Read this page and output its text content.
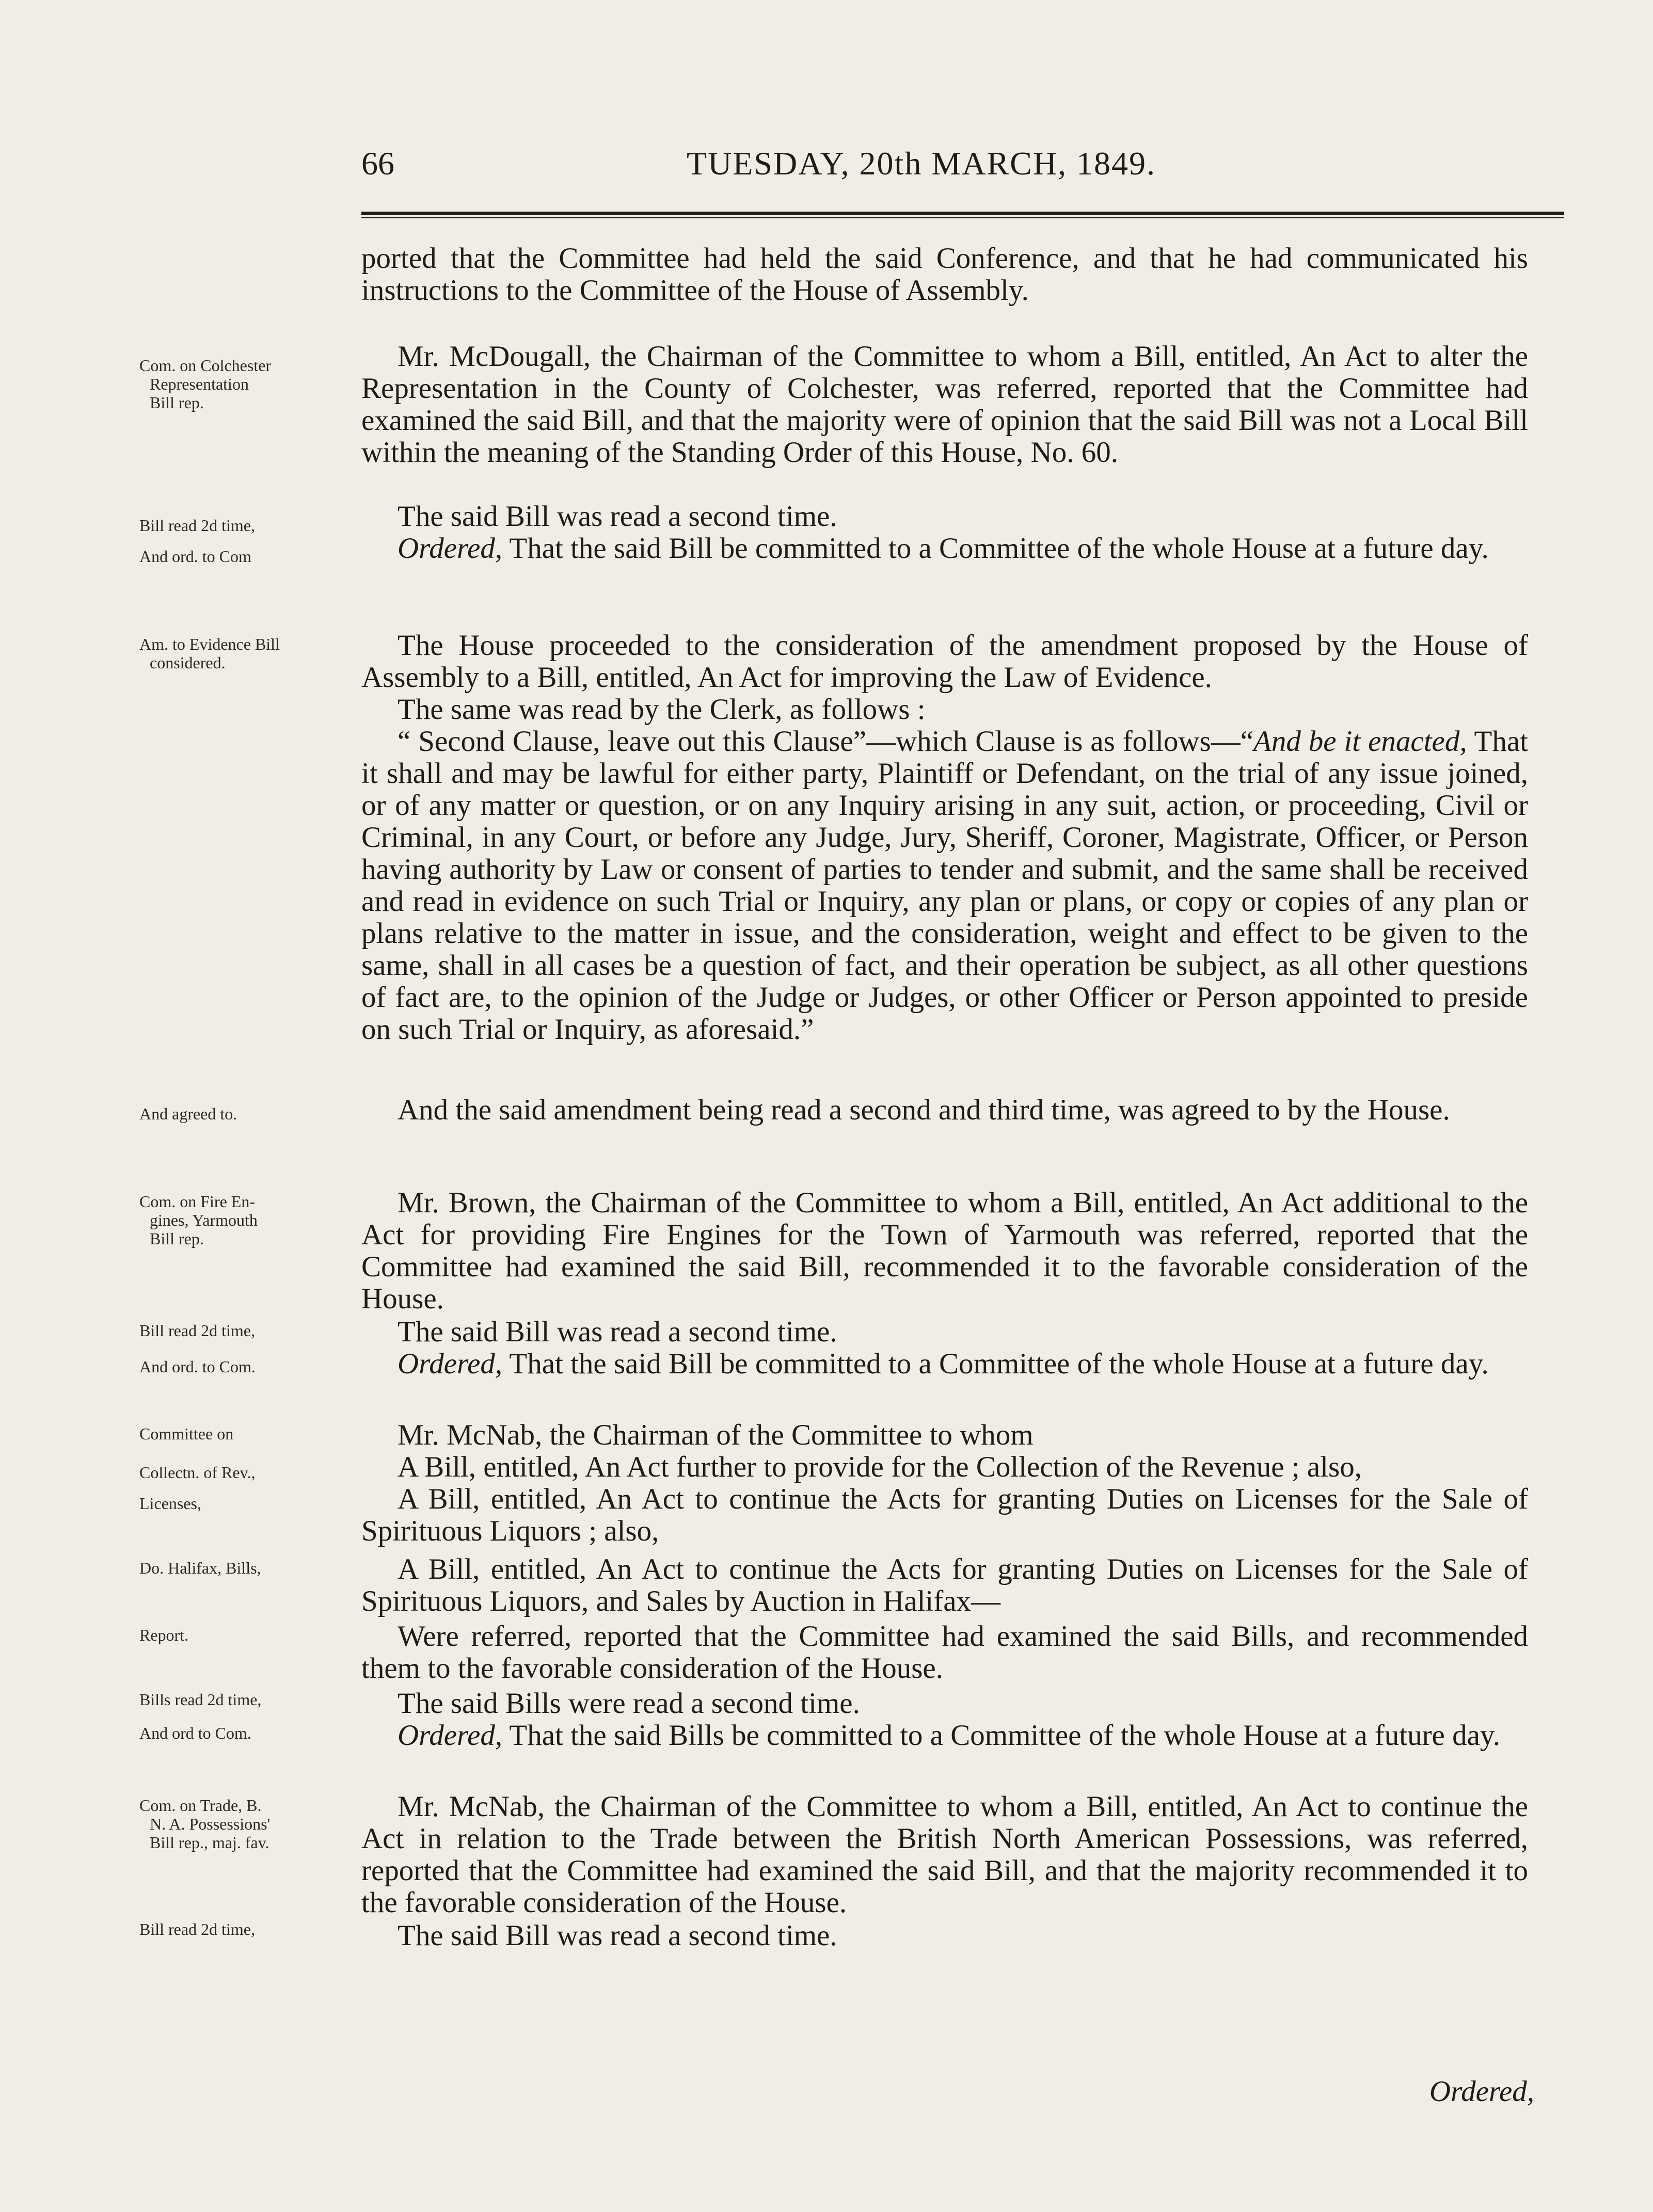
66	TUESDAY, 20th MARCH, 1849.
Com. on Colchester
Representation
Bill rep.
Bill read 2d time,
And ord. to Com
Am. to Evidence Bill
considered.
And agreed to.
Com. on Fire En-
gines, Yarmouth
Bill rep.
Bill read 2d time,
And ord. to Com.
Committee on
Collectn. of Rev.,
Licenses,
Do. Halifax, Bills,
Report.
Bills read 2d time,
And ord to Com.
Com. on Trade, B.
N. A. Possessions'
Bill rep., maj. fav.
Bill read 2d time,

ported that the Committee had held the said Conference, and that he had communicated his instructions to the Committee of the House of Assembly.

Mr. McDougall, the Chairman of the Committee to whom a Bill, entitled, An Act to alter the Representation in the County of Colchester, was referred, reported that the Committee had examined the said Bill, and that the majority were of opinion that the said Bill was not a Local Bill within the meaning of the Standing Order of this House, No. 60.

The said Bill was read a second time.

Ordered, That the said Bill be committed to a Committee of the whole House at a future day.

The House proceeded to the consideration of the amendment proposed by the House of Assembly to a Bill, entitled, An Act for improving the Law of Evidence.

The same was read by the Clerk, as follows :

“ Second Clause, leave out this Clause”—which Clause is as follows—“And be it enacted, That it shall and may be lawful for either party, Plaintiff or Defendant, on the trial of any issue joined, or of any matter or question, or on any Inquiry arising in any suit, action, or proceeding, Civil or Criminal, in any Court, or before any Judge, Jury, Sheriff, Coroner, Magistrate, Officer, or Person having authority by Law or consent of parties to tender and submit, and the same shall be received and read in evidence on such Trial or Inquiry, any plan or plans, or copy or copies of any plan or plans relative to the matter in issue, and the consideration, weight and effect to be given to the same, shall in all cases be a question of fact, and their operation be subject, as all other questions of fact are, to the opinion of the Judge or Judges, or other Officer or Person appointed to preside on such Trial or Inquiry, as aforesaid.”

And the said amendment being read a second and third time, was agreed to by the House.

Mr. Brown, the Chairman of the Committee to whom a Bill, entitled, An Act additional to the Act for providing Fire Engines for the Town of Yarmouth was referred, reported that the Committee had examined the said Bill, recommended it to the favorable consideration of the House.

The said Bill was read a second time.

Ordered, That the said Bill be committed to a Committee of the whole House at a future day.

Mr. McNab, the Chairman of the Committee to whom

A Bill, entitled, An Act further to provide for the Collection of the Revenue ; also,

A Bill, entitled, An Act to continue the Acts for granting Duties on Licenses for the Sale of Spirituous Liquors ; also,

A Bill, entitled, An Act to continue the Acts for granting Duties on Licenses for the Sale of Spirituous Liquors, and Sales by Auction in Halifax—

Were referred, reported that the Committee had examined the said Bills, and recommended them to the favorable consideration of the House.

The said Bills were read a second time.

Ordered, That the said Bills be committed to a Committee of the whole House at a future day.

Mr. McNab, the Chairman of the Committee to whom a Bill, entitled, An Act to continue the Act in relation to the Trade between the British North American Possessions, was referred, reported that the Committee had examined the said Bill, and that the majority recommended it to the favorable consideration of the House.

The said Bill was read a second time.

Ordered,
